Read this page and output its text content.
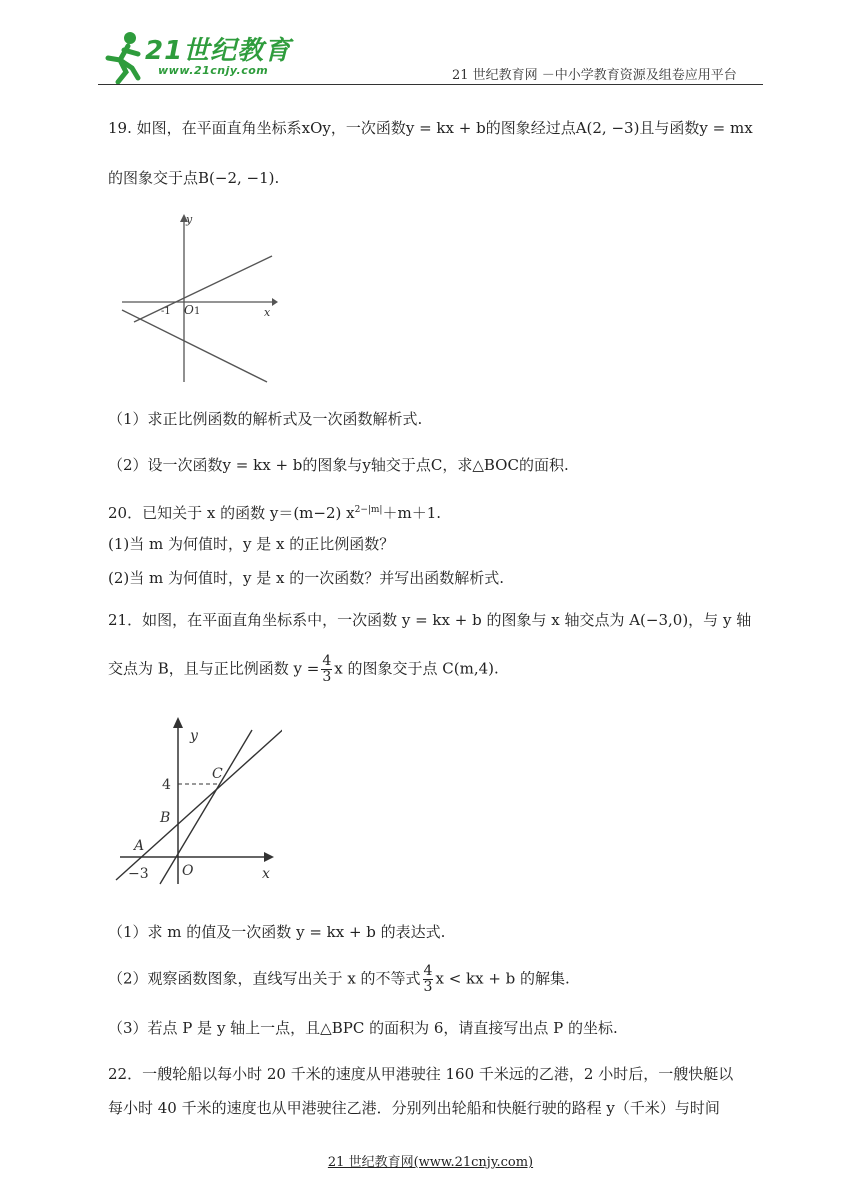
21世纪教育
www.21cnjy.com	21 世纪教育网 －中小学教育资源及组卷应用平台
19. 如图，在平面直角坐标系xOy，一次函数y = kx + b的图象经过点A(2, −3)且与函数y = mx
的图象交于点B(−2, −1).
y
x
O
-1 1
（1）求正比例函数的解析式及一次函数解析式.
（2）设一次函数y = kx + b的图象与y轴交于点C，求△BOC的面积.
20．已知关于 x 的函数 y＝(m−2) $x^{2-|m|}+m+1$.
(1)当 m 为何值时，y 是 x 的正比例函数？
(2)当 m 为何值时，y 是 x 的一次函数？并写出函数解析式.
21．如图，在平面直角坐标系中，一次函数 y = kx + b 的图象与 x 轴交点为 A(−3,0)，与 y 轴
交点为 B，且与正比例函数 $y = \frac{4}{3}$ x 的图象交于点 C(m,4).
y
x
O
A
B
C
4
−3
（1）求 m 的值及一次函数 y = kx + b 的表达式.
（2）观察函数图象，直线写出关于 x 的不等式 $\frac{4}{3}$ x < kx + b 的解集.
（3）若点 P 是 y 轴上一点，且△BPC 的面积为 6，请直接写出点 P 的坐标.
22．一艘轮船以每小时 20 千米的速度从甲港驶往 160 千米远的乙港，2 小时后，一艘快艇以
每小时 40 千米的速度也从甲港驶往乙港．分别列出轮船和快艇行驶的路程 y（千米）与时间
21 世纪教育网(www.21cnjy.com)
